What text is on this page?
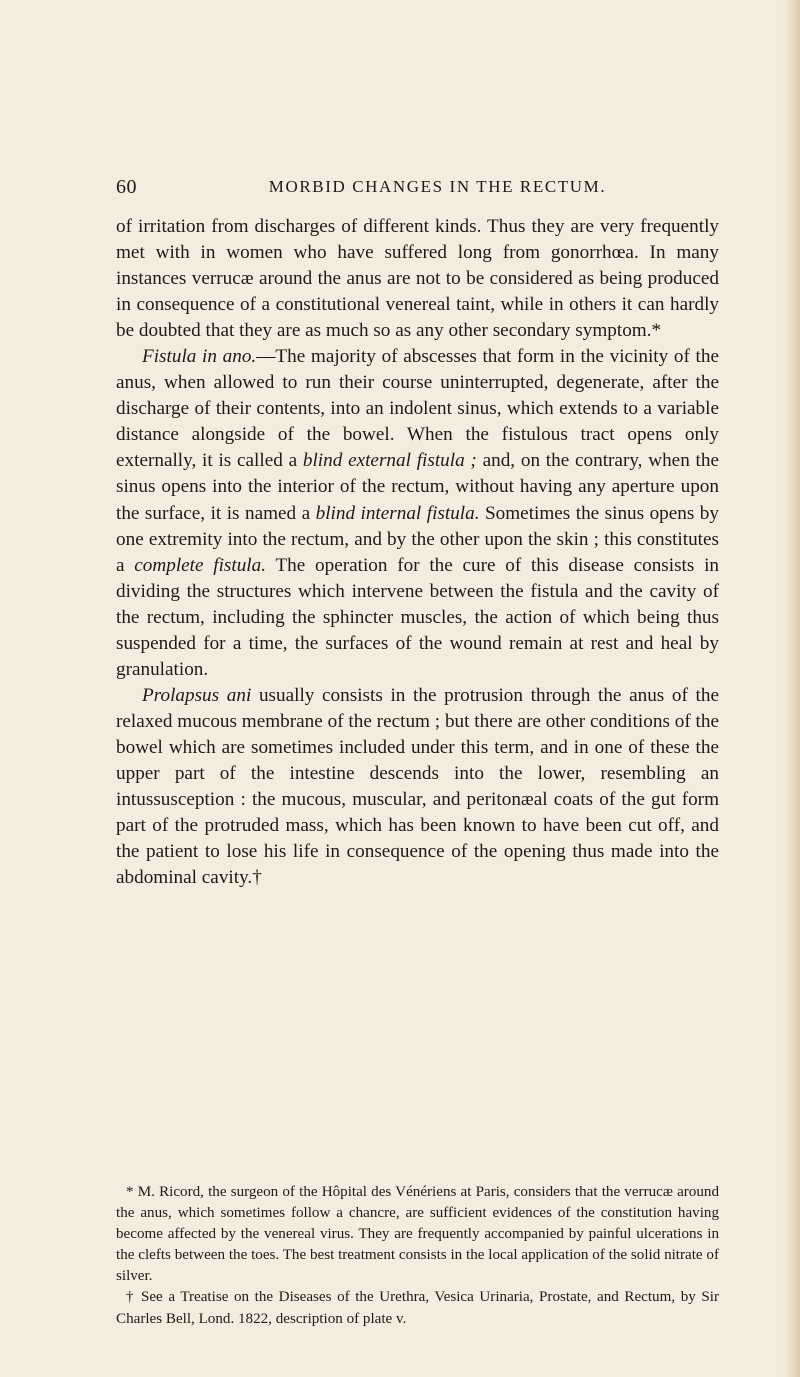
60	MORBID CHANGES IN THE RECTUM.

of irritation from discharges of different kinds. Thus they are very frequently met with in women who have suffered long from gonorrhœa. In many instances verrucæ around the anus are not to be considered as being produced in consequence of a constitutional venereal taint, while in others it can hardly be doubted that they are as much so as any other secondary symptom.*

Fistula in ano.—The majority of abscesses that form in the vicinity of the anus, when allowed to run their course uninterrupted, degenerate, after the discharge of their contents, into an indolent sinus, which extends to a variable distance alongside of the bowel. When the fistulous tract opens only externally, it is called a blind external fistula ; and, on the contrary, when the sinus opens into the interior of the rectum, without having any aperture upon the surface, it is named a blind internal fistula. Sometimes the sinus opens by one extremity into the rectum, and by the other upon the skin ; this constitutes a complete fistula. The operation for the cure of this disease consists in dividing the structures which intervene between the fistula and the cavity of the rectum, including the sphincter muscles, the action of which being thus suspended for a time, the surfaces of the wound remain at rest and heal by granulation.

Prolapsus ani usually consists in the protrusion through the anus of the relaxed mucous membrane of the rectum ; but there are other conditions of the bowel which are sometimes included under this term, and in one of these the upper part of the intestine descends into the lower, resembling an intussusception : the mucous, muscular, and peritonæal coats of the gut form part of the protruded mass, which has been known to have been cut off, and the patient to lose his life in consequence of the opening thus made into the abdominal cavity.†

* M. Ricord, the surgeon of the Hôpital des Vénériens at Paris, considers that the verrucæ around the anus, which sometimes follow a chancre, are sufficient evidences of the constitution having become affected by the venereal virus. They are frequently accompanied by painful ulcerations in the clefts between the toes. The best treatment consists in the local application of the solid nitrate of silver.

† See a Treatise on the Diseases of the Urethra, Vesica Urinaria, Prostate, and Rectum, by Sir Charles Bell, Lond. 1822, description of plate v.
